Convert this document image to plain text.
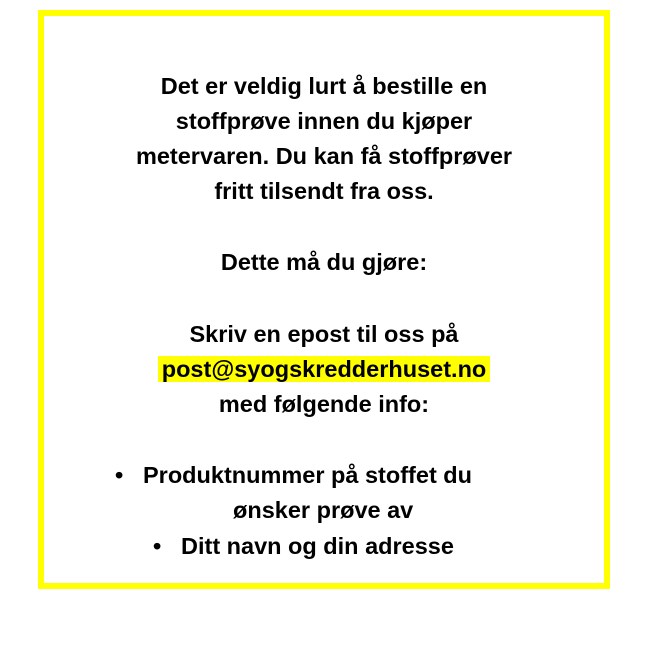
Det er veldig lurt å bestille en
stoffprøve innen du kjøper
metervaren. Du kan få stoffprøver
fritt tilsendt fra oss.
Dette må du gjøre:
Skriv en epost til oss på
post@syogskredderhuset.no
med følgende info:
• Produktnummer på stoffet du
ønsker prøve av
• Ditt navn og din adresse
